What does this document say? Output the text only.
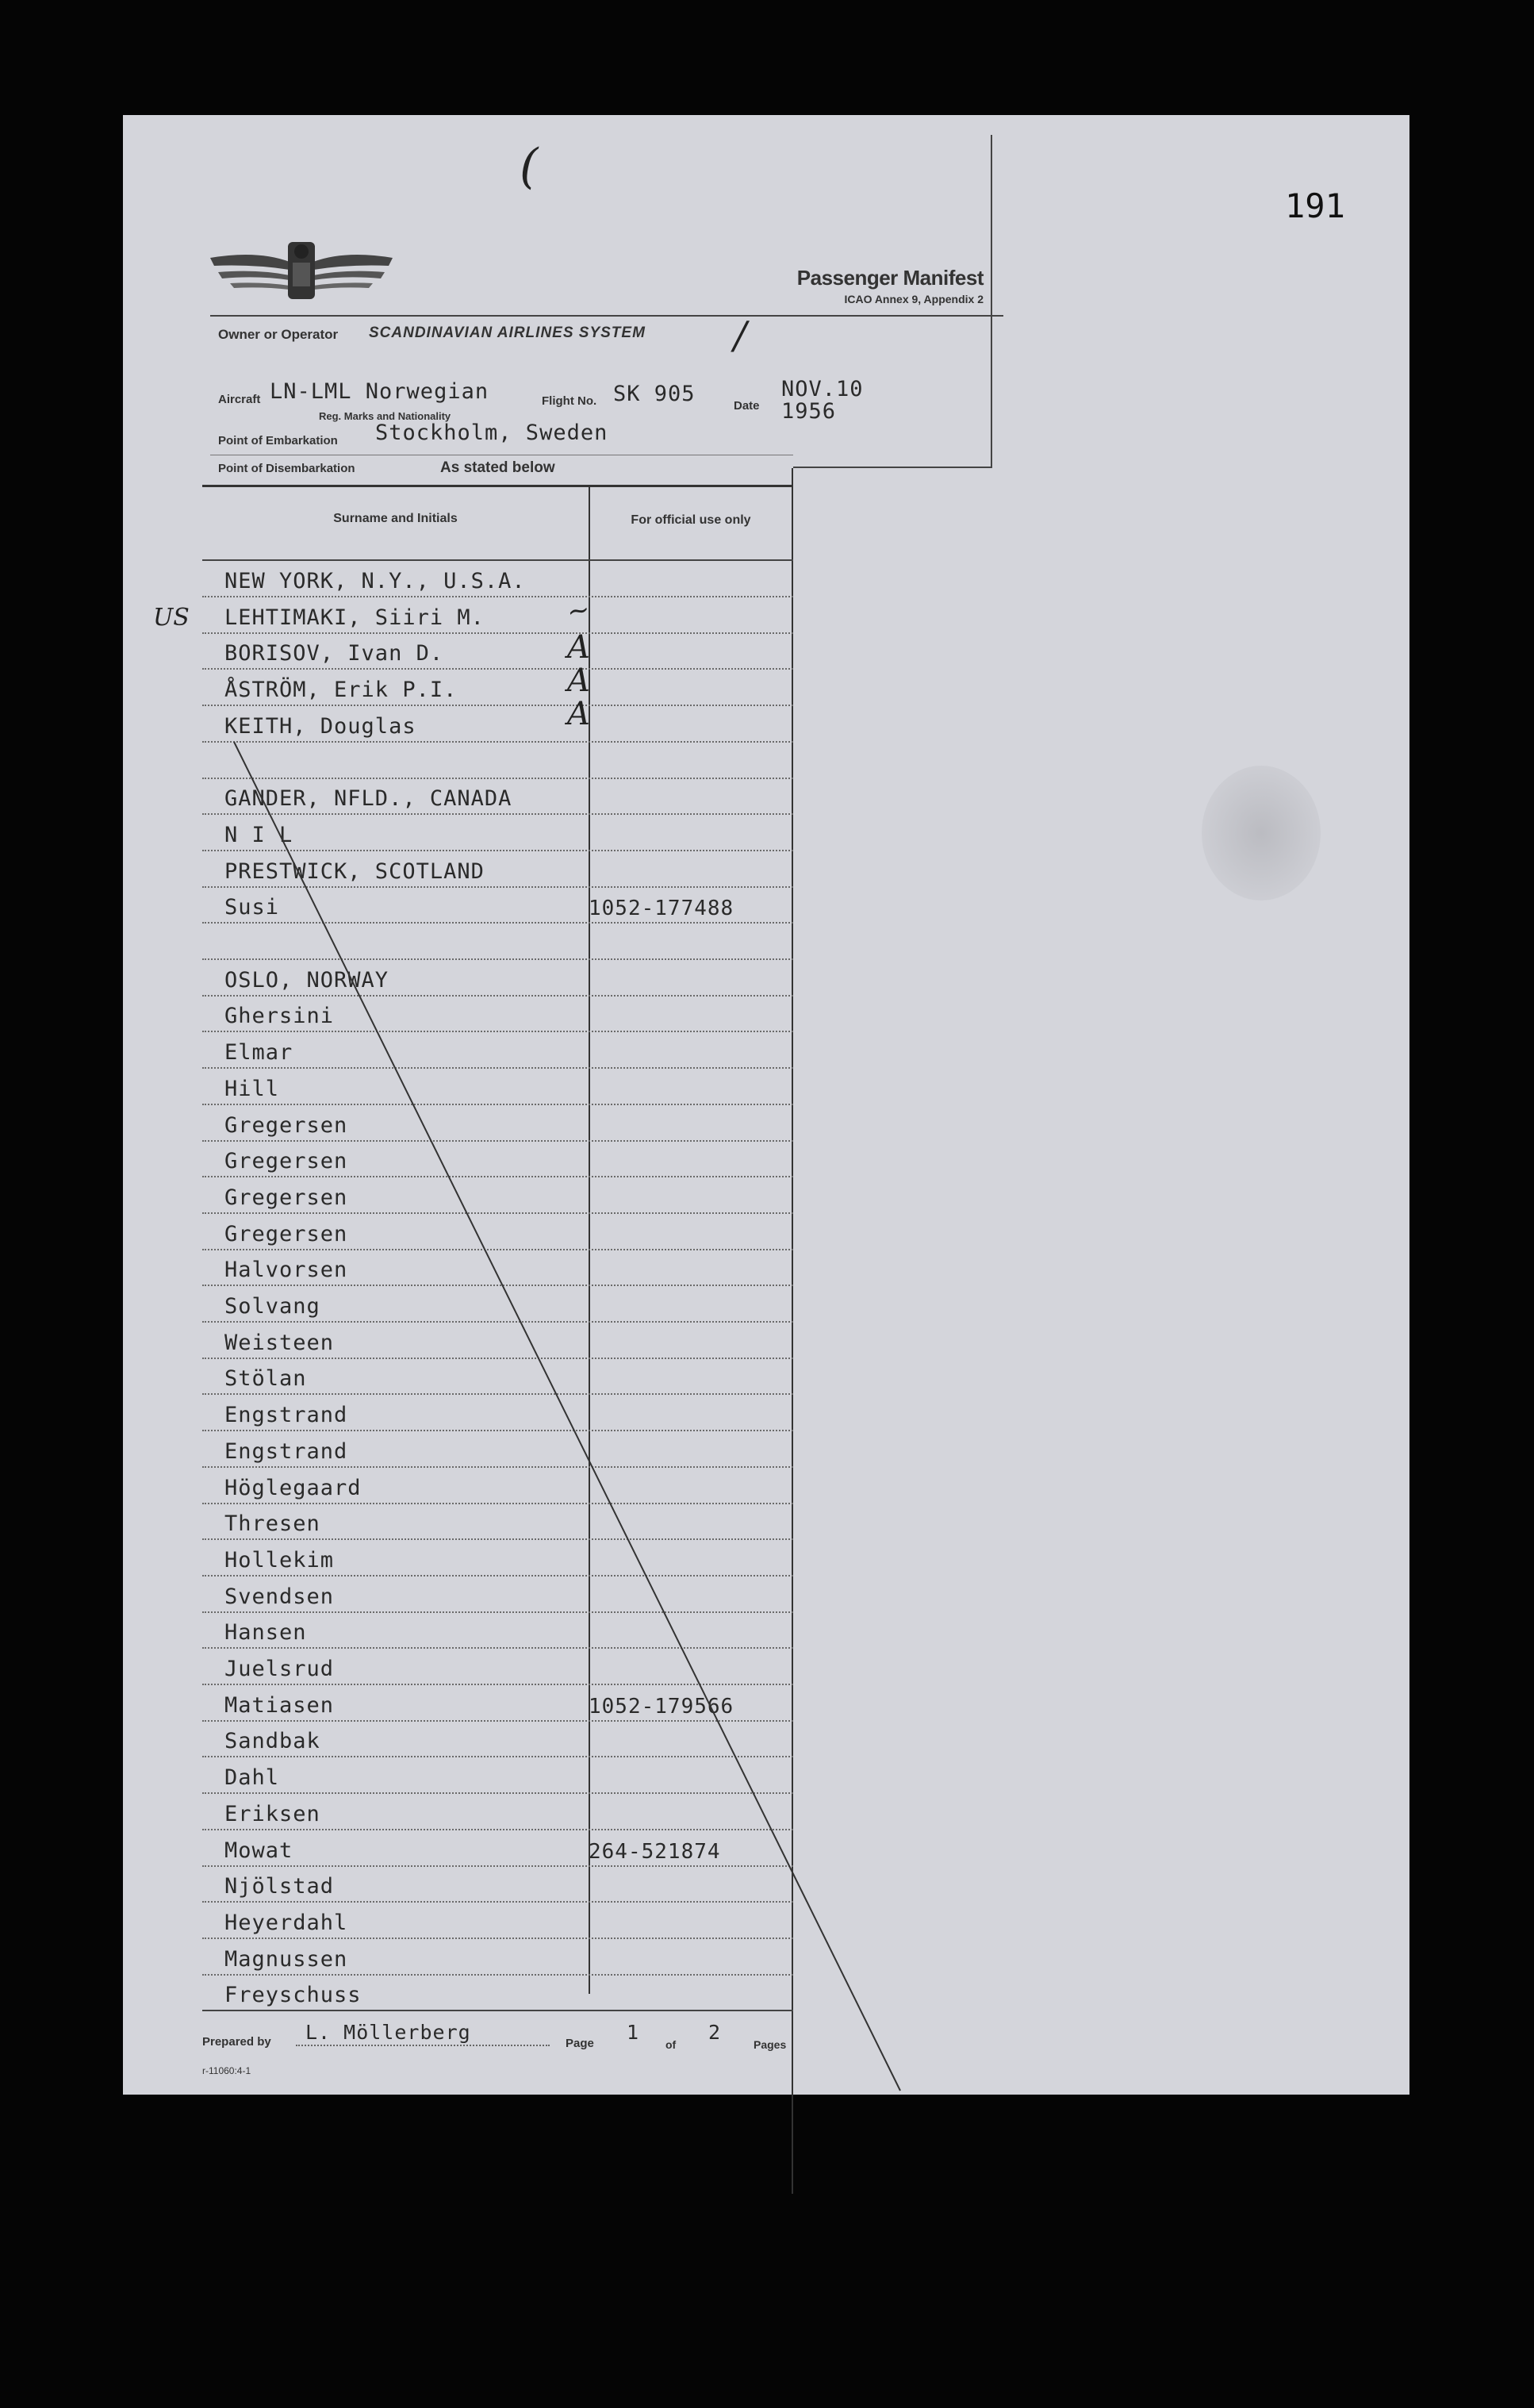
191
(
Passenger Manifest
ICAO Annex 9, Appendix 2
Owner or Operator SCANDINAVIAN AIRLINES SYSTEM /
Aircraft LN-LML Norwegian
Reg. Marks and Nationality
Flight No. SK 905	Date
NOV.10
1956
Point of Embarkation Stockholm, Sweden
Point of Disembarkation	As stated below
Surname and Initials	For official use only
NEW YORK, N.Y., U.S.A.
LEHTIMAKI, Siiri M.
US
BORISOV, Ivan D.
ÅSTRÖM, Erik P.I.
KEITH, Douglas
GANDER, NFLD., CANADA
N I L
PRESTWICK, SCOTLAND
Susi	1052-177488
OSLO, NORWAY
Ghersini
Elmar
Hill
Gregersen
Gregersen
Gregersen
Gregersen
Halvorsen
Solvang
Weisteen
Stölan
Engstrand
Engstrand
Höglegaard
Thresen
Hollekim
Svendsen
Hansen
Juelsrud
Matiasen	1052-179566
Sandbak
Dahl
Eriksen
Mowat	264-521874
Njölstad
Heyerdahl
Magnussen
Freyschuss
~
A
A
A
Prepared by L. Möllerberg	Page 1
of
2
Pages
r-11060:4-1
